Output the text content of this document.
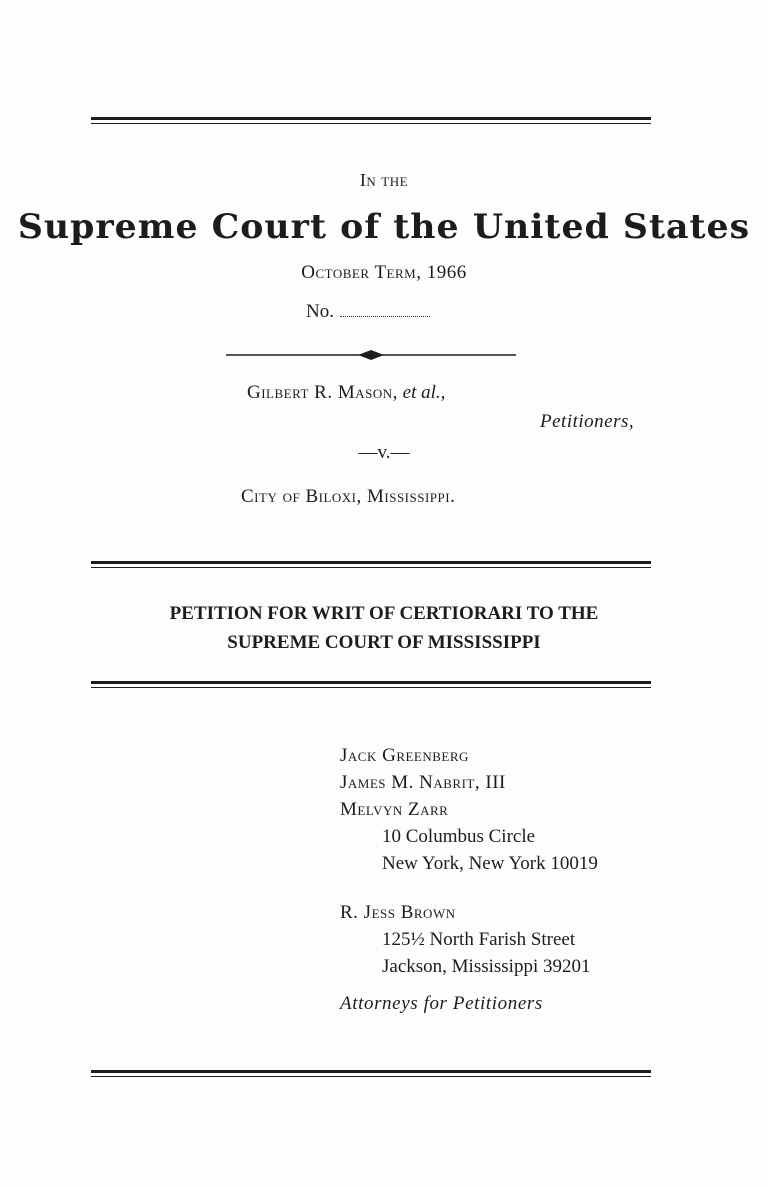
In the
Supreme Court of the United States
October Term, 1966
No.
Gilbert R. Mason, et al.,
Petitioners,
—v.—
City of Biloxi, Mississippi.
PETITION FOR WRIT OF CERTIORARI TO THE
SUPREME COURT OF MISSISSIPPI
Jack Greenberg
James M. Nabrit, III
Melvyn Zarr
10 Columbus Circle
New York, New York 10019
R. Jess Brown
125½ North Farish Street
Jackson, Mississippi 39201
Attorneys for Petitioners
